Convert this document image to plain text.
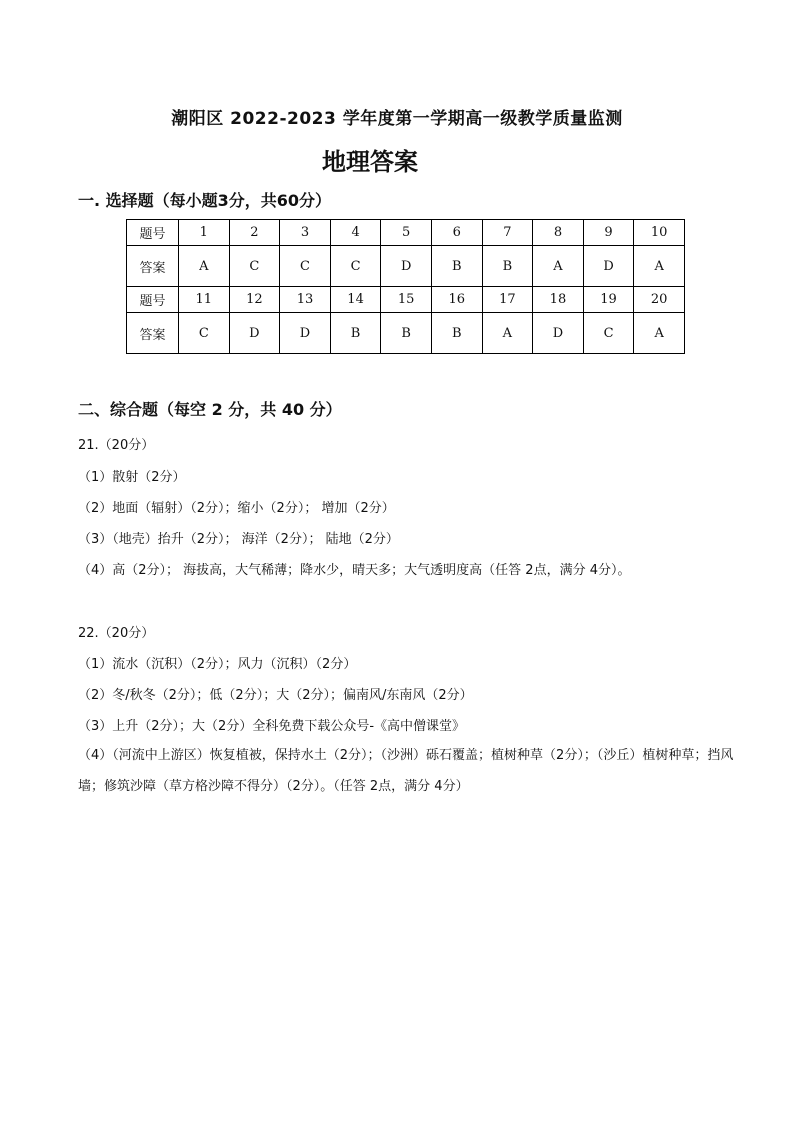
潮阳区 2022-2023 学年度第一学期高一级教学质量监测
地理答案
一. 选择题（每小题3分，共60分）
题号	1	2	3	4	5	6	7	8	9	10
答案	A	C	C	C	D	B	B	A	D	A
题号	11	12	13	14	15	16	17	18	19	20
答案	C	D	D	B	B	B	A	D	C	A
二、综合题（每空 2 分，共 40 分）
21.（20分）
（1）散射（2分）
（2）地面（辐射）（2分）；缩小（2分）； 增加（2分）
（3）（地壳）抬升（2分）； 海洋（2分）； 陆地（2分）
（4）高（2分）； 海拔高，大气稀薄；降水少，晴天多；大气透明度高（任答 2点，满分 4分）。
22.（20分）
（1）流水（沉积）（2分）；风力（沉积）（2分）
（2）冬/秋冬（2分）；低（2分）；大（2分）；偏南风/东南风（2分）
（3）上升（2分）；大（2分）全科免费下载公众号-《高中僧课堂》
（4）（河流中上游区）恢复植被，保持水土（2分）；（沙洲）砾石覆盖；植树种草（2分）；（沙丘）植树种草；挡风墙；修筑沙障（草方格沙障不得分）（2分）。（任答 2点，满分 4分）
